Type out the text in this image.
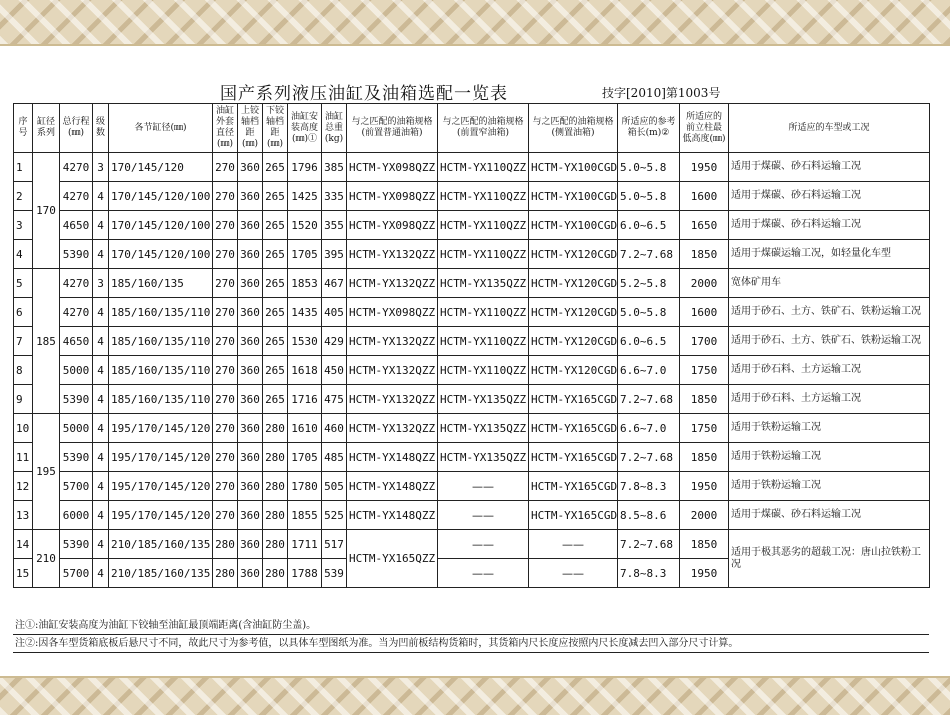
国产系列液压油缸及油箱选配一览表	技字[2010]第1003号
序号	缸径系列	总行程(㎜)	级数	各节缸径(㎜)	油缸外套直径(㎜)	上铰轴档距(㎜)	下铰轴档距(㎜)	油缸安装高度(㎜)①	油缸总重(kg)	与之匹配的油箱规格(前置普通油箱)	与之匹配的油箱规格(前置窄油箱)	与之匹配的油箱规格(侧置油箱)	所适应的参考箱长(m)②	所适应的前立柱最低高度(㎜)	所适应的车型或工况
1	170	4270	3	170/145/120	270	360	265	1796	385	HCTM-YX098QZZ	HCTM-YX110QZZ	HCTM-YX100CGD	5.0~5.8	1950	适用于煤碳、砂石料运输工况
2		4270	4	170/145/120/100	270	360	265	1425	335	HCTM-YX098QZZ	HCTM-YX110QZZ	HCTM-YX100CGD	5.0~5.8	1600	适用于煤碳、砂石料运输工况
3		4650	4	170/145/120/100	270	360	265	1520	355	HCTM-YX098QZZ	HCTM-YX110QZZ	HCTM-YX100CGD	6.0~6.5	1650	适用于煤碳、砂石料运输工况
4		5390	4	170/145/120/100	270	360	265	1705	395	HCTM-YX132QZZ	HCTM-YX110QZZ	HCTM-YX120CGD	7.2~7.68	1850	适用于煤碳运输工况，如轻量化车型
5	185	4270	3	185/160/135	270	360	265	1853	467	HCTM-YX132QZZ	HCTM-YX135QZZ	HCTM-YX120CGD	5.2~5.8	2000	宽体矿用车
6		4270	4	185/160/135/110	270	360	265	1435	405	HCTM-YX098QZZ	HCTM-YX110QZZ	HCTM-YX120CGD	5.0~5.8	1600	适用于砂石、土方、铁矿石、铁粉运输工况
7		4650	4	185/160/135/110	270	360	265	1530	429	HCTM-YX132QZZ	HCTM-YX110QZZ	HCTM-YX120CGD	6.0~6.5	1700	适用于砂石、土方、铁矿石、铁粉运输工况
8		5000	4	185/160/135/110	270	360	265	1618	450	HCTM-YX132QZZ	HCTM-YX110QZZ	HCTM-YX120CGD	6.6~7.0	1750	适用于砂石料、土方运输工况
9		5390	4	185/160/135/110	270	360	265	1716	475	HCTM-YX132QZZ	HCTM-YX135QZZ	HCTM-YX165CGD	7.2~7.68	1850	适用于砂石料、土方运输工况
10	195	5000	4	195/170/145/120	270	360	280	1610	460	HCTM-YX132QZZ	HCTM-YX135QZZ	HCTM-YX165CGD	6.6~7.0	1750	适用于铁粉运输工况
11		5390	4	195/170/145/120	270	360	280	1705	485	HCTM-YX148QZZ	HCTM-YX135QZZ	HCTM-YX165CGD	7.2~7.68	1850	适用于铁粉运输工况
12		5700	4	195/170/145/120	270	360	280	1780	505	HCTM-YX148QZZ	——	HCTM-YX165CGD	7.8~8.3	1950	适用于铁粉运输工况
13		6000	4	195/170/145/120	270	360	280	1855	525	HCTM-YX148QZZ	——	HCTM-YX165CGD	8.5~8.6	2000	适用于煤碳、砂石料运输工况
14	210	5390	4	210/185/160/135	280	360	280	1711	517	HCTM-YX165QZZ	——	——	7.2~7.68	1850	适用于极其恶劣的超载工况：唐山拉铁粉工况
15		5700	4	210/185/160/135	280	360	280	1788	539		——	——	7.8~8.3	1950	
注①:油缸安装高度为油缸下铰轴至油缸最顶端距离(含油缸防尘盖)。
注②:因各车型货箱底板后悬尺寸不同，故此尺寸为参考值，以具体车型图纸为准。当为凹前板结构货箱时，其货箱内尺长度应按照内尺长度减去凹入部分尺寸计算。
